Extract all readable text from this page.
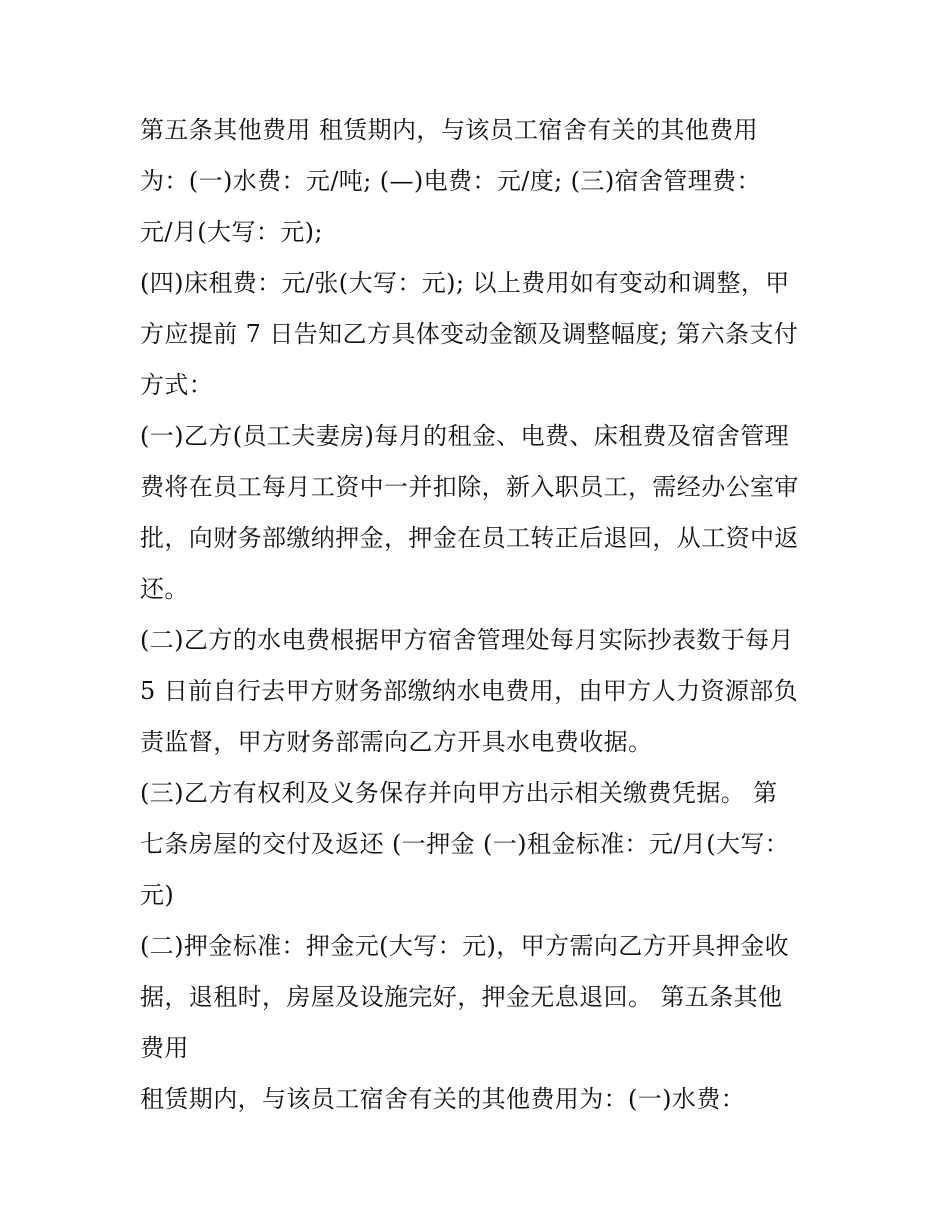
第五条其他费用 租赁期内，与该员工宿舍有关的其他费用
为：(一)水费：元/吨; (—)电费：元/度; (三)宿舍管理费：
元/月(大写：元);
(四)床租费：元/张(大写：元); 以上费用如有变动和调整，甲
方应提前 7 日告知乙方具体变动金额及调整幅度; 第六条支付
方式：
(一)乙方(员工夫妻房)每月的租金、电费、床租费及宿舍管理
费将在员工每月工资中一并扣除，新入职员工，需经办公室审
批，向财务部缴纳押金，押金在员工转正后退回，从工资中返
还。
(二)乙方的水电费根据甲方宿舍管理处每月实际抄表数于每月
5 日前自行去甲方财务部缴纳水电费用，由甲方人力资源部负
责监督，甲方财务部需向乙方开具水电费收据。
(三)乙方有权利及义务保存并向甲方出示相关缴费凭据。 第
七条房屋的交付及返还 (一押金 (一)租金标准：元/月(大写：
元)
(二)押金标准：押金元(大写：元)，甲方需向乙方开具押金收
据，退租时，房屋及设施完好，押金无息退回。 第五条其他
费用
租赁期内，与该员工宿舍有关的其他费用为：(一)水费：
